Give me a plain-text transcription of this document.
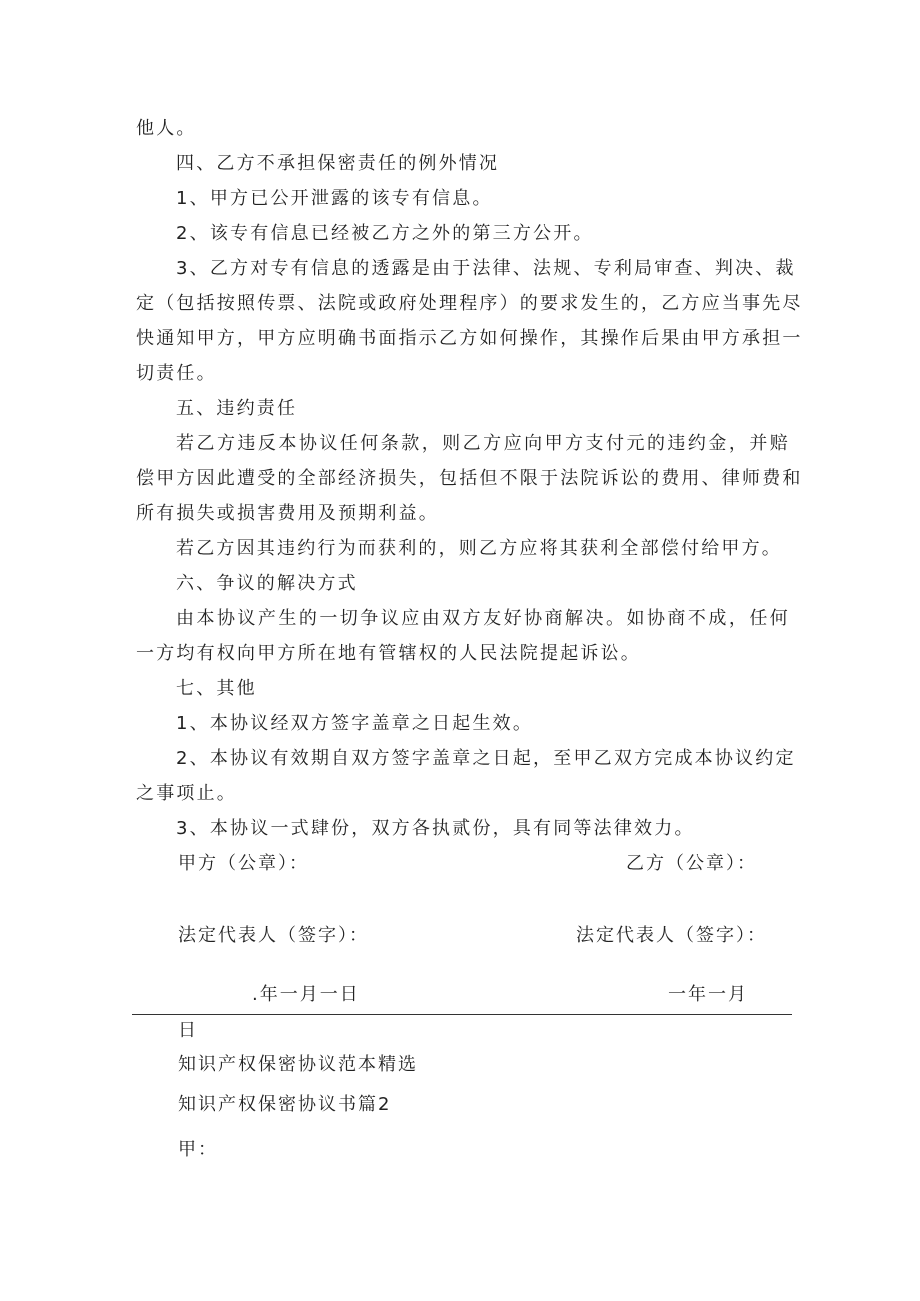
他人。
四、乙方不承担保密责任的例外情况
1、甲方已公开泄露的该专有信息。
2、该专有信息已经被乙方之外的第三方公开。
3、乙方对专有信息的透露是由于法律、法规、专利局审查、判决、裁
定（包括按照传票、法院或政府处理程序）的要求发生的，乙方应当事先尽
快通知甲方，甲方应明确书面指示乙方如何操作，其操作后果由甲方承担一
切责任。
五、违约责任
若乙方违反本协议任何条款，则乙方应向甲方支付元的违约金，并赔
偿甲方因此遭受的全部经济损失，包括但不限于法院诉讼的费用、律师费和
所有损失或损害费用及预期利益。
若乙方因其违约行为而获利的，则乙方应将其获利全部偿付给甲方。
六、争议的解决方式
由本协议产生的一切争议应由双方友好协商解决。如协商不成，任何
一方均有权向甲方所在地有管辖权的人民法院提起诉讼。
七、其他
1、本协议经双方签字盖章之日起生效。
2、本协议有效期自双方签字盖章之日起，至甲乙双方完成本协议约定
之事项止。
3、本协议一式肆份，双方各执贰份，具有同等法律效力。
甲方（公章）：	乙方（公章）：
法定代表人（签字）：	法定代表人（签字）：
.年一月一日	一年一月
日
知识产权保密协议范本精选
知识产权保密协议书篇2
甲：
